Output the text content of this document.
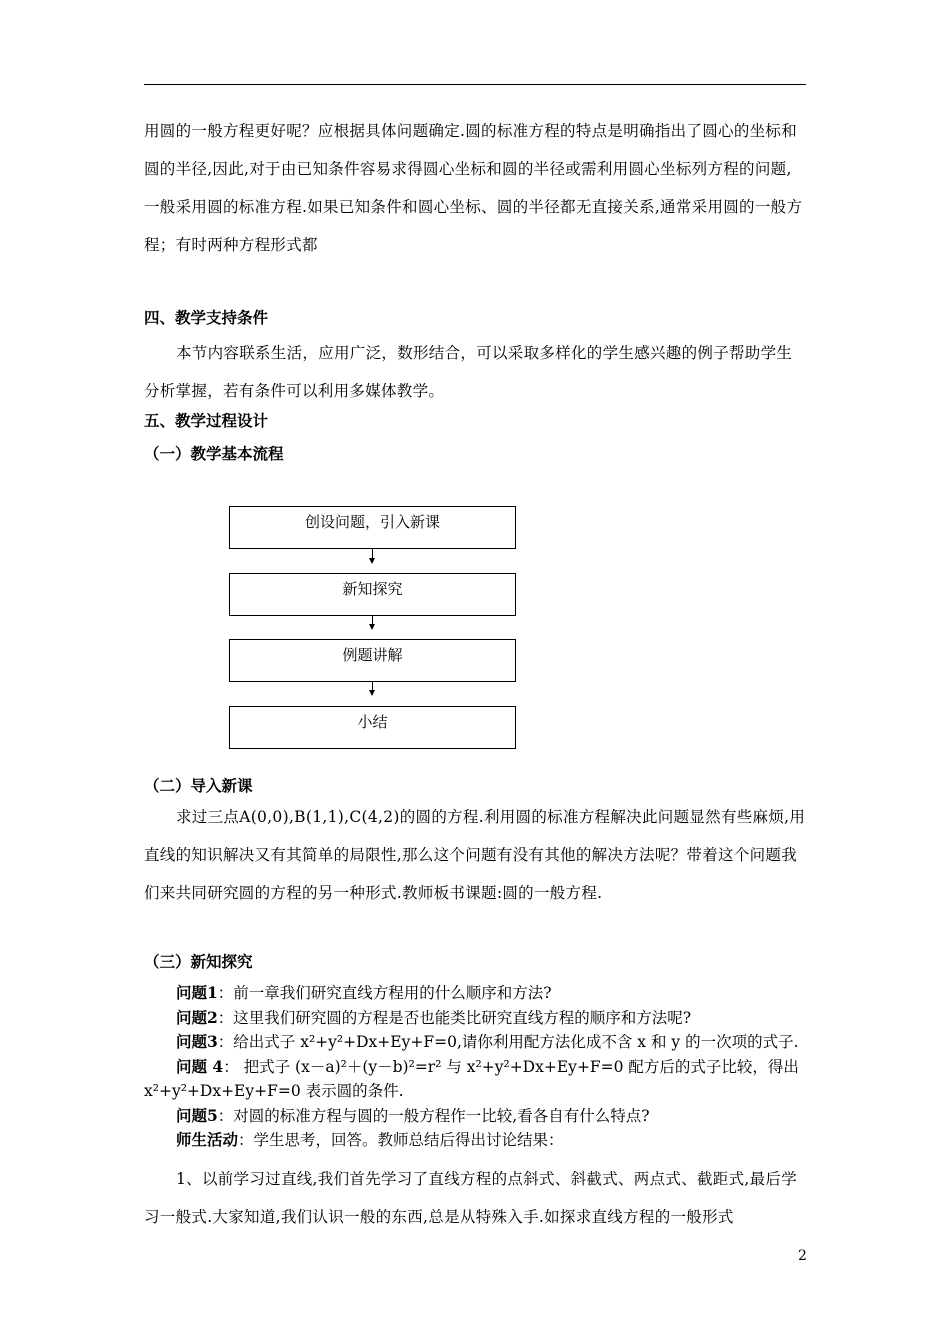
用圆的一般方程更好呢？应根据具体问题确定.圆的标准方程的特点是明确指出了圆心的坐标和圆的半径,因此,对于由已知条件容易求得圆心坐标和圆的半径或需利用圆心坐标列方程的问题,一般采用圆的标准方程.如果已知条件和圆心坐标、圆的半径都无直接关系,通常采用圆的一般方程；有时两种方程形式都
四、教学支持条件
本节内容联系生活，应用广泛，数形结合，可以采取多样化的学生感兴趣的例子帮助学生分析掌握，若有条件可以利用多媒体教学。
五、教学过程设计
（一）教学基本流程
创设问题，引入新课
新知探究
例题讲解
小结
（二）导入新课
求过三点A(0,0),B(1,1),C(4,2)的圆的方程.利用圆的标准方程解决此问题显然有些麻烦,用直线的知识解决又有其简单的局限性,那么这个问题有没有其他的解决方法呢？带着这个问题我们来共同研究圆的方程的另一种形式.教师板书课题:圆的一般方程.
（三）新知探究
问题1：前一章我们研究直线方程用的什么顺序和方法?
问题2：这里我们研究圆的方程是否也能类比研究直线方程的顺序和方法呢?
问题3：给出式子 x²+y²+Dx+Ey+F=0,请你利用配方法化成不含 x 和 y 的一次项的式子.
问题 4： 把式子 (x－a)²＋(y－b)²=r² 与 x²+y²+Dx+Ey+F=0 配方后的式子比较，得出 x²+y²+Dx+Ey+F=0 表示圆的条件.
问题5：对圆的标准方程与圆的一般方程作一比较,看各自有什么特点?
师生活动：学生思考，回答。教师总结后得出讨论结果：
1、以前学习过直线,我们首先学习了直线方程的点斜式、斜截式、两点式、截距式,最后学习一般式.大家知道,我们认识一般的东西,总是从特殊入手.如探求直线方程的一般形式
2
